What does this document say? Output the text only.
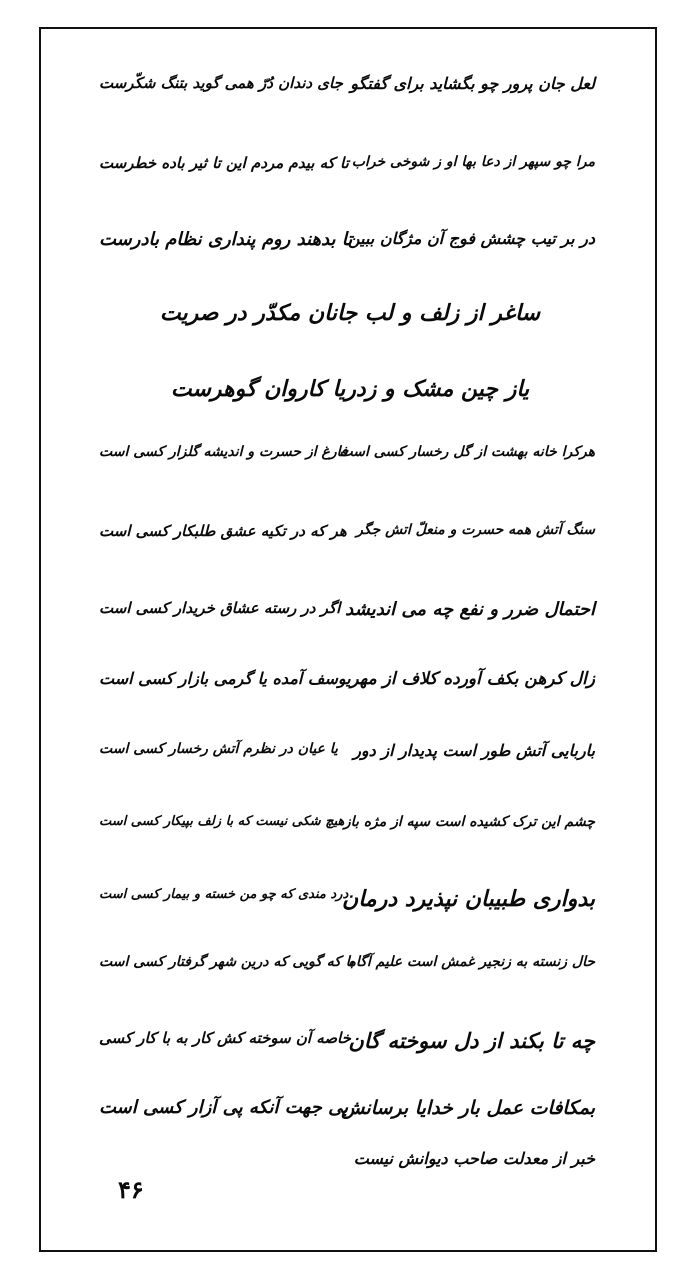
لعل جان پرور چو بگشاید برای گفتگو
جای دندان دُرّ همی گوید بتنگ شکّرست
مرا چو سپهر از دعا بها او ز شوخی خراب
تا که بیدم مردم این تا ثیر باده خطرست
در بر تیب چشش فوج آن مژگان ببین
تا بدهند روم پنداری نظام بادرست
ساغر از زلف و لب جانان مکدّر در صریت
یاز چین مشک و زدریا کاروان گوهرست
هرکرا خانه بهشت از گل رخسار کسی است
فارغ از حسرت و اندیشه گلزار کسی است
سنگ آتش همه حسرت و منعلّ اتش جگر
هر که در تکیه عشق طلبکار کسی است
احتمال ضرر و نفع چه می اندیشد
اگر در رسته عشاق خریدار کسی است
زال کرهن بکف آورده کلاف از مهر
یوسف آمده یا گرمی بازار کسی است
باربایی آتش طور است پدیدار از دور
یا عیان در نظرم آتش رخسار کسی است
چشم این ترک کشیده است سپه از مژه باز
هیچ شکی نیست که با زلف بپیکار کسی است
بدواری طبیبان نپذیرد درمان
درد مندی که چو من خسته و بیمار کسی است
حال زنسته به زنجیر غمش است علیم آگاه
با که گویی که درین شهر گرفتار کسی است
چه تا بکند از دل سوخته گان
خاصه آن سوخته کش کار به با کار کسی
بمکافات عمل بار خدایا برسانش
بی جهت آنکه پی آزار کسی است
خبر از معدلت صاحب دیوانش نیست
۴۶
